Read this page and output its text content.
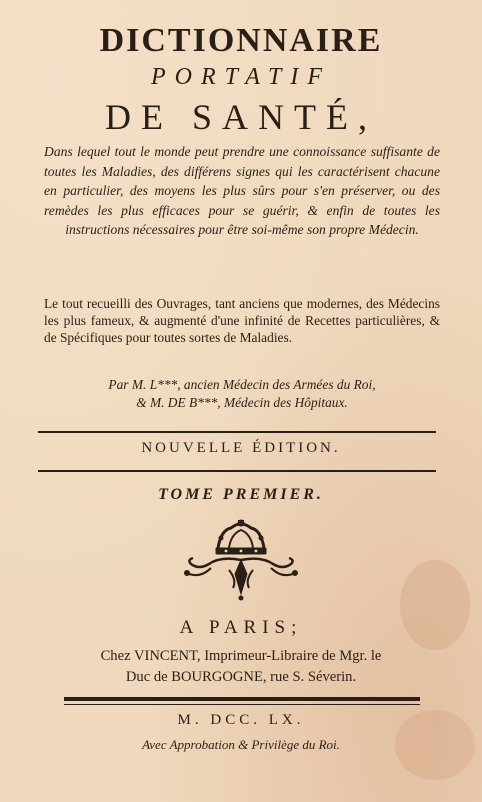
DICTIONNAIRE
PORTATIF
DE SANTÉ,
Dans lequel tout le monde peut prendre une connoissance suffisante de toutes les Maladies, des différens signes qui les caractérisent chacune en particulier, des moyens les plus sûrs pour s'en préserver, ou des remèdes les plus efficaces pour se guérir, & enfin de toutes les instructions nécessaires pour être soi-même son propre Médecin.
Le tout recueilli des Ouvrages, tant anciens que modernes, des Médecins les plus fameux, & augmenté d'une infinité de Recettes particulières, & de Spécifiques pour toutes sortes de Maladies.
Par M. L***, ancien Médecin des Armées du Roi,
& M. DE B***, Médecin des Hôpitaux.
NOUVELLE ÉDITION.
TOME PREMIER.
A PARIS;
Chez VINCENT, Imprimeur-Libraire de Mgr. le
Duc de BOURGOGNE, rue S. Séverin.
M. DCC. LX.
Avec Approbation & Privilège du Roi.
